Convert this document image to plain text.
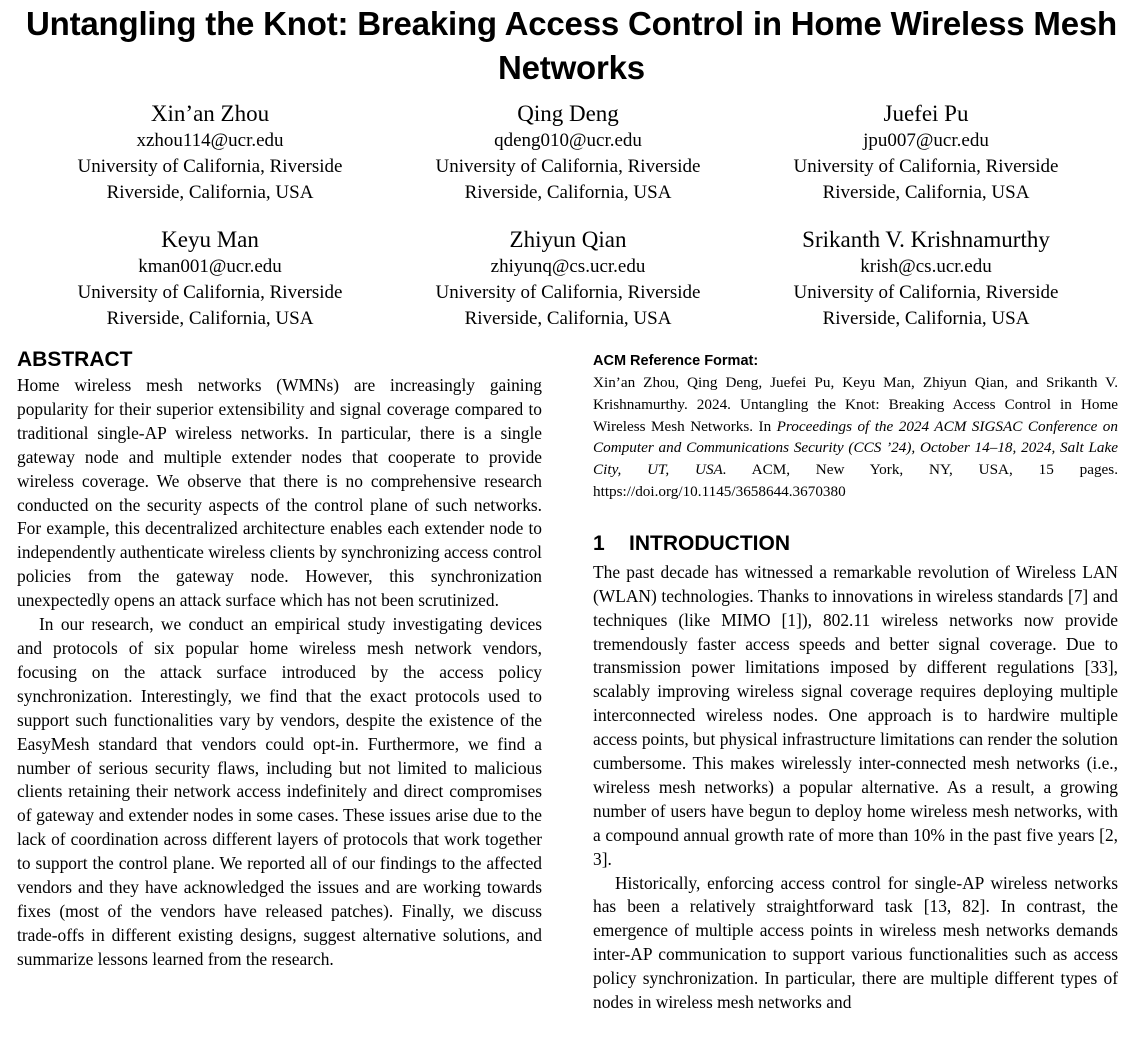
Untangling the Knot: Breaking Access Control in Home Wireless Mesh Networks
Xin’an Zhou
xzhou114@ucr.edu
University of California, Riverside
Riverside, California, USA
Qing Deng
qdeng010@ucr.edu
University of California, Riverside
Riverside, California, USA
Juefei Pu
jpu007@ucr.edu
University of California, Riverside
Riverside, California, USA
Keyu Man
kman001@ucr.edu
University of California, Riverside
Riverside, California, USA
Zhiyun Qian
zhiyunq@cs.ucr.edu
University of California, Riverside
Riverside, California, USA
Srikanth V. Krishnamurthy
krish@cs.ucr.edu
University of California, Riverside
Riverside, California, USA
ABSTRACT

Home wireless mesh networks (WMNs) are increasingly gaining popularity for their superior extensibility and signal coverage compared to traditional single-AP wireless networks. In particular, there is a single gateway node and multiple extender nodes that cooperate to provide wireless coverage. We observe that there is no comprehensive research conducted on the security aspects of the control plane of such networks. For example, this decentralized architecture enables each extender node to independently authenticate wireless clients by synchronizing access control policies from the gateway node. However, this synchronization unexpectedly opens an attack surface which has not been scrutinized.

In our research, we conduct an empirical study investigating devices and protocols of six popular home wireless mesh network vendors, focusing on the attack surface introduced by the access policy synchronization. Interestingly, we find that the exact protocols used to support such functionalities vary by vendors, despite the existence of the EasyMesh standard that vendors could opt-in. Furthermore, we find a number of serious security flaws, including but not limited to malicious clients retaining their network access indefinitely and direct compromises of gateway and extender nodes in some cases. These issues arise due to the lack of coordination across different layers of protocols that work together to support the control plane. We reported all of our findings to the affected vendors and they have acknowledged the issues and are working towards fixes (most of the vendors have released patches). Finally, we discuss trade-offs in different existing designs, suggest alternative solutions, and summarize lessons learned from the research.

ACM Reference Format:
Xin’an Zhou, Qing Deng, Juefei Pu, Keyu Man, Zhiyun Qian, and Srikanth V. Krishnamurthy. 2024. Untangling the Knot: Breaking Access Control in Home Wireless Mesh Networks. In Proceedings of the 2024 ACM SIGSAC Conference on Computer and Communications Security (CCS ’24), October 14–18, 2024, Salt Lake City, UT, USA. ACM, New York, NY, USA, 15 pages. https://doi.org/10.1145/3658644.3670380
1 INTRODUCTION

The past decade has witnessed a remarkable revolution of Wireless LAN (WLAN) technologies. Thanks to innovations in wireless standards [7] and techniques (like MIMO [1]), 802.11 wireless networks now provide tremendously faster access speeds and better signal coverage. Due to transmission power limitations imposed by different regulations [33], scalably improving wireless signal coverage requires deploying multiple interconnected wireless nodes. One approach is to hardwire multiple access points, but physical infrastructure limitations can render the solution cumbersome. This makes wirelessly inter-connected mesh networks (i.e., wireless mesh networks) a popular alternative. As a result, a growing number of users have begun to deploy home wireless mesh networks, with a compound annual growth rate of more than 10% in the past five years [2, 3].

Historically, enforcing access control for single-AP wireless networks has been a relatively straightforward task [13, 82]. In contrast, the emergence of multiple access points in wireless mesh networks demands inter-AP communication to support various functionalities such as access policy synchronization. In particular, there are multiple different types of nodes in wireless mesh networks and
